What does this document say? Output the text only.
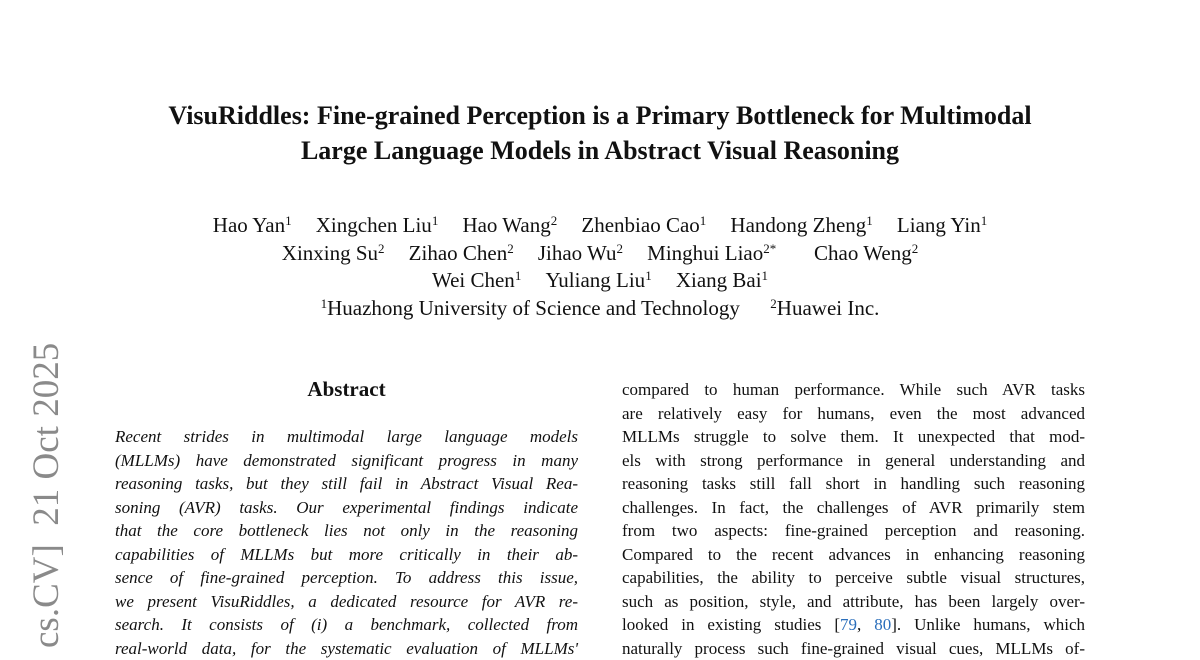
VisuRiddles: Fine-grained Perception is a Primary Bottleneck for Multimodal
Large Language Models in Abstract Visual Reasoning
Hao Yan$^1$ Xingchen Liu$^1$ Hao Wang$^2$ Zhenbiao Cao$^1$ Handong Zheng$^1$ Liang Yin$^1$
Xinxing Su$^2$ Zihao Chen$^2$ Jihao Wu$^2$ Minghui Liao$^{2*}$ Chao Weng$^2$
Wei Chen$^1$ Yuliang Liu$^1$ Xiang Bai$^1$
$^1$Huazhong University of Science and Technology $^2$Huawei Inc.
cs.CV]  21 Oct 2025	Abstract
Recent strides in multimodal large language models
(MLLMs) have demonstrated significant progress in many
reasoning tasks, but they still fail in Abstract Visual Rea-
soning (AVR) tasks. Our experimental findings indicate
that the core bottleneck lies not only in the reasoning
capabilities of MLLMs but more critically in their ab-
sence of fine-grained perception. To address this issue,
we present VisuRiddles, a dedicated resource for AVR re-
search. It consists of (i) a benchmark, collected from
real-world data, for the systematic evaluation of MLLMs'
compared to human performance. While such AVR tasks
are relatively easy for humans, even the most advanced
MLLMs struggle to solve them. It unexpected that mod-
els with strong performance in general understanding and
reasoning tasks still fall short in handling such reasoning
challenges. In fact, the challenges of AVR primarily stem
from two aspects: fine-grained perception and reasoning.
Compared to the recent advances in enhancing reasoning
capabilities, the ability to perceive subtle visual structures,
such as position, style, and attribute, has been largely over-
looked in existing studies [79, 80]. Unlike humans, which
naturally process such fine-grained visual cues, MLLMs of-
